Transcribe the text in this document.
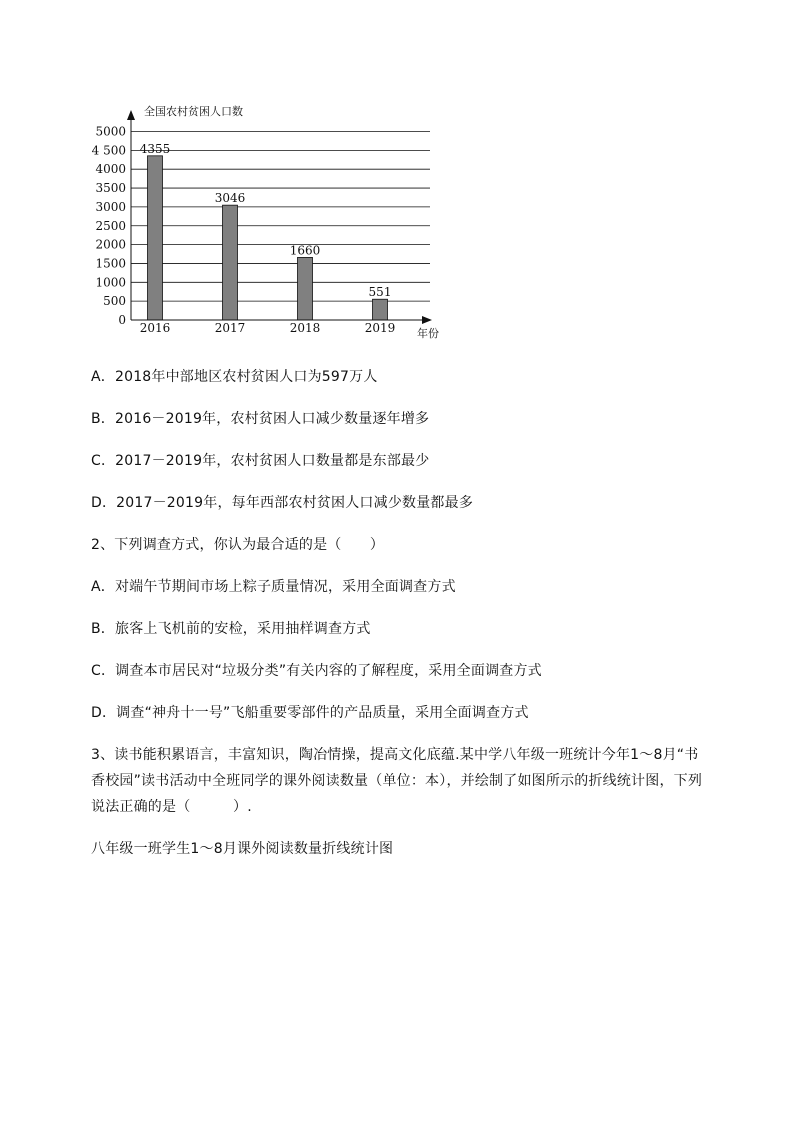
全国农村贫困人口数
5000
4 500
4000
3500
3000
2500
2000
1500
1000
500
0
4355
3046
1660
551
2016	2017	2018	2019 年份
A．2018年中部地区农村贫困人口为597万人
B．2016－2019年，农村贫困人口减少数量逐年增多
C．2017－2019年，农村贫困人口数量都是东部最少
D．2017－2019年，每年西部农村贫困人口减少数量都最多
2、下列调查方式，你认为最合适的是（　　）
A．对端午节期间市场上粽子质量情况，采用全面调查方式
B．旅客上飞机前的安检，采用抽样调查方式
C．调查本市居民对“垃圾分类”有关内容的了解程度，采用全面调查方式
D．调查“神舟十一号”飞船重要零部件的产品质量，采用全面调查方式
3、读书能积累语言，丰富知识，陶冶情操，提高文化底蕴.某中学八年级一班统计今年1～8月“书
香校园”读书活动中全班同学的课外阅读数量（单位：本），并绘制了如图所示的折线统计图，下列
说法正确的是（　　　）.
八年级一班学生1～8月课外阅读数量折线统计图
